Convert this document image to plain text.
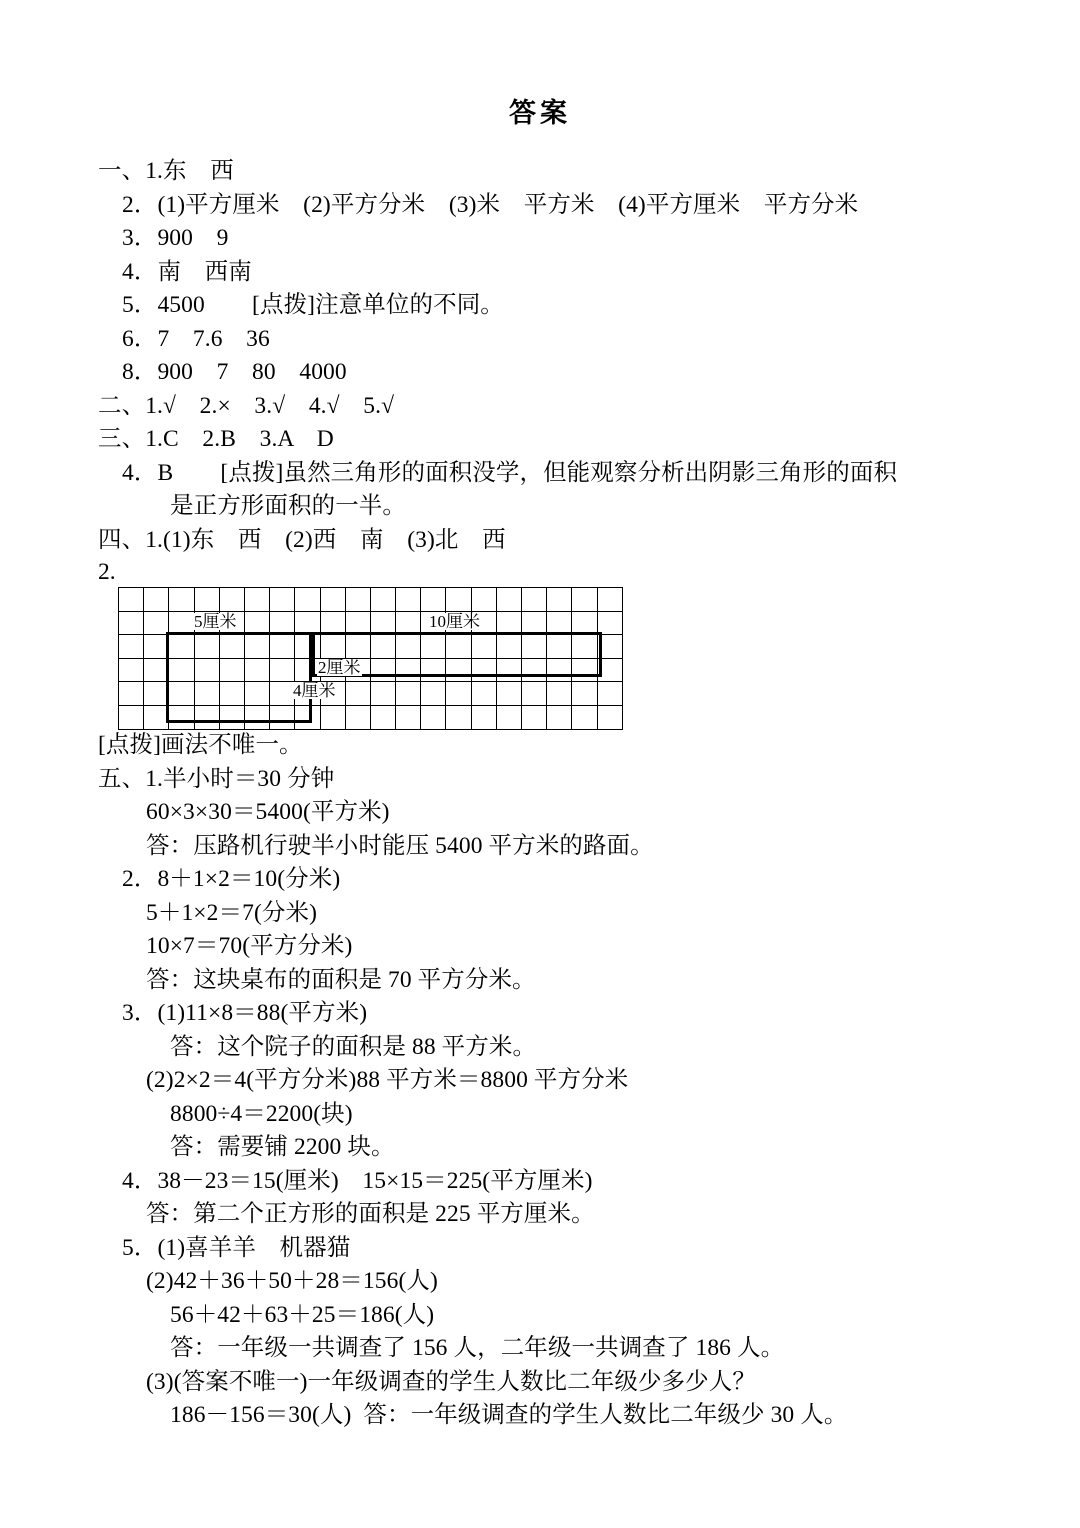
答案
一、1.东　西
2．(1)平方厘米　(2)平方分米　(3)米　平方米　(4)平方厘米　平方分米
3．900　9
4．南　西南
5．4500　　[点拨]注意单位的不同。
6．7　7.6　36
8．900　7　80　4000
二、1.√　2.×　3.√　4.√　5.√
三、1.C　2.B　3.A　D
4．B　　[点拨]虽然三角形的面积没学，但能观察分析出阴影三角形的面积
是正方形面积的一半。
四、1.(1)东　西　(2)西　南　(3)北　西
2.

5厘米	10厘米
2厘米
4厘米
[点拨]画法不唯一。
五、1.半小时＝30 分钟
60×3×30＝5400(平方米)
答：压路机行驶半小时能压 5400 平方米的路面。
2．8＋1×2＝10(分米)
5＋1×2＝7(分米)
10×7＝70(平方分米)
答：这块桌布的面积是 70 平方分米。
3．(1)11×8＝88(平方米)
答：这个院子的面积是 88 平方米。
(2)2×2＝4(平方分米)88 平方米＝8800 平方分米
8800÷4＝2200(块)
答：需要铺 2200 块。
4．38－23＝15(厘米)　15×15＝225(平方厘米)
答：第二个正方形的面积是 225 平方厘米。
5．(1)喜羊羊　机器猫
(2)42＋36＋50＋28＝156(人)
56＋42＋63＋25＝186(人)
答：一年级一共调查了 156 人，二年级一共调查了 186 人。
(3)(答案不唯一)一年级调查的学生人数比二年级少多少人？
186－156＝30(人)  答：一年级调查的学生人数比二年级少 30 人。
